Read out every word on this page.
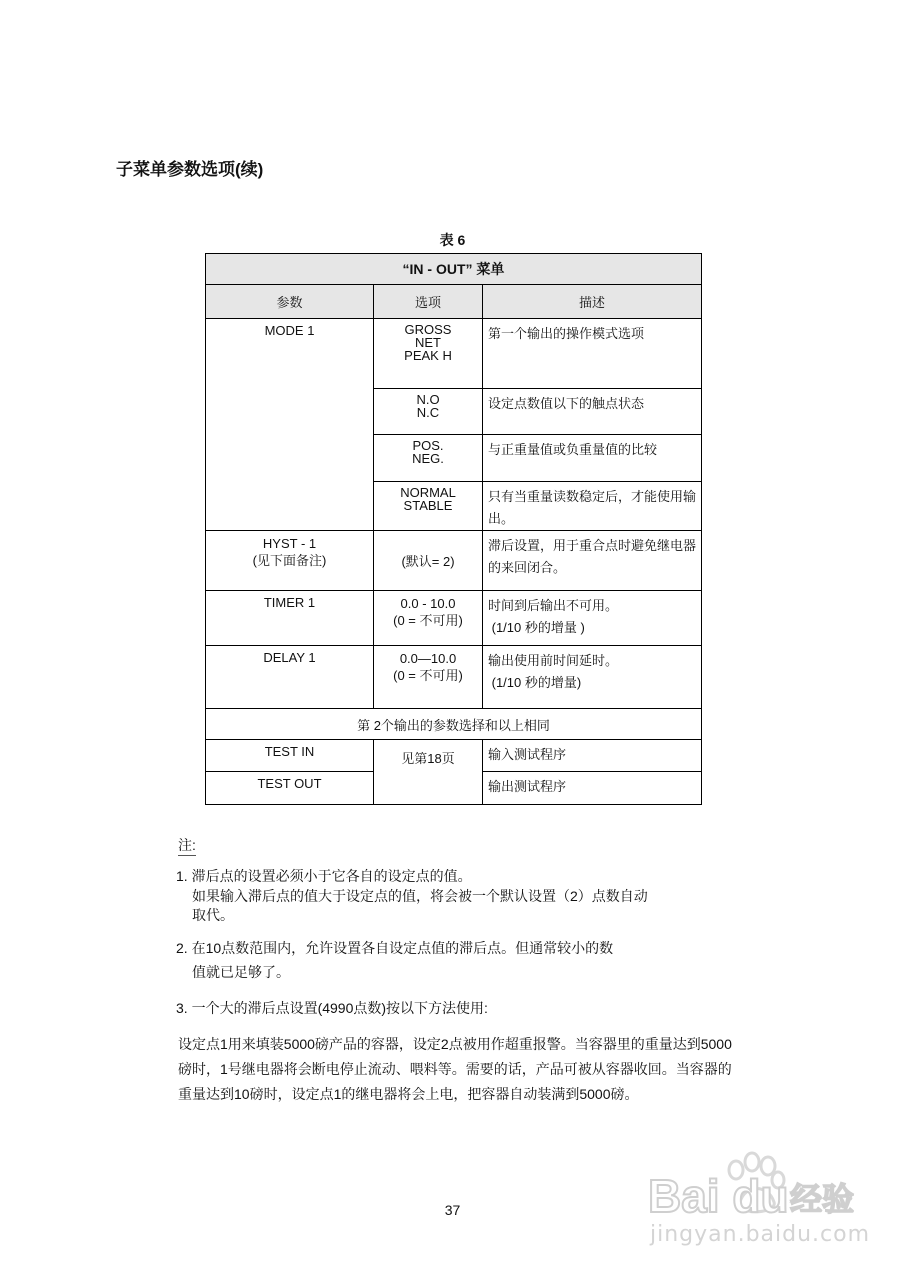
子菜单参数选项(续)
表 6
“IN - OUT” 菜单		
参数	选项	描述
MODE 1	GROSS
NET
PEAK H	第一个输出的操作模式选项

	N.O
N.C	设定点数值以下的触点状态

	POS.
NEG.	与正重量值或负重量值的比较

	NORMAL
STABLE	只有当重量读数稳定后，才能使用输出。

HYST - 1
(见下面备注)	(默认= 2)	滞后设置，用于重合点时避免继电器的来回闭合。
TIMER 1	0.0 - 10.0
(0 = 不可用)	时间到后输出不可用。
(1/10 秒的增量 )

DELAY 1	0.0—10.0
(0 = 不可用)	输出使用前时间延时。
(1/10 秒的增量)

第 2个输出的参数选择和以上相同		
TEST IN	见第18页	输入测试程序
TEST OUT		输出测试程序
注:
1. 滞后点的设置必须小于它各自的设定点的值。
如果输入滞后点的值大于设定点的值，将会被一个默认设置（2）点数自动
取代。
2. 在10点数范围内，允许设置各自设定点值的滞后点。但通常较小的数
值就已足够了。
3. 一个大的滞后点设置(4990点数)按以下方法使用:
设定点1用来填装5000磅产品的容器，设定2点被用作超重报警。当容器里的重量达到5000磅时，1号继电器将会断电停止流动、喂料等。需要的话，产品可被从容器收回。当容器的重量达到10磅时，设定点1的继电器将会上电，把容器自动装满到5000磅。
37	Bai du 经验
jingyan.baidu.com
